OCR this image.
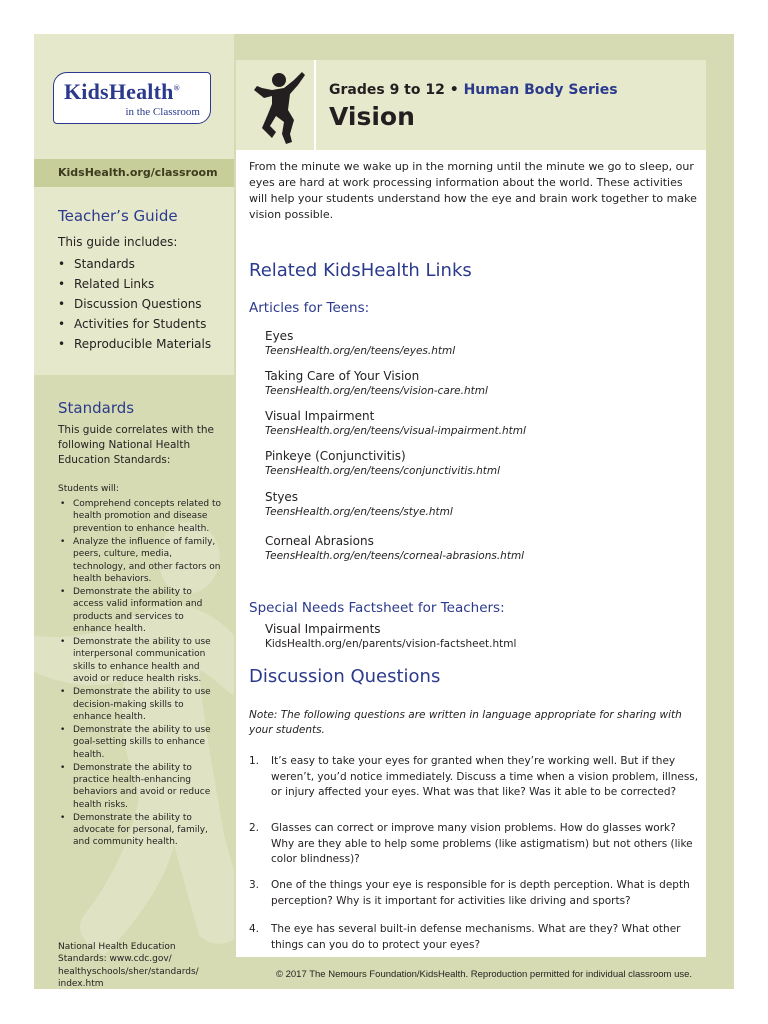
KidsHealth®
in the Classroom
KidsHealth.org/classroom
Teacher’s Guide
This guide includes:
• Standards
• Related Links
• Discussion Questions
• Activities for Students
• Reproducible Materials
Standards
This guide correlates with the following National Health Education Standards:
Students will:
• Comprehend concepts related to health promotion and disease prevention to enhance health.
• Analyze the influence of family, peers, culture, media, technology, and other factors on health behaviors.
• Demonstrate the ability to access valid information and products and services to enhance health.
• Demonstrate the ability to use interpersonal communication skills to enhance health and avoid or reduce health risks.
• Demonstrate the ability to use decision-making skills to enhance health.
• Demonstrate the ability to use goal-setting skills to enhance health.
• Demonstrate the ability to practice health-enhancing behaviors and avoid or reduce health risks.
• Demonstrate the ability to advocate for personal, family, and community health.
National Health Education Standards: www.cdc.gov/ healthyschools/sher/standards/ index.htm
Grades 9 to 12 • Human Body Series
Vision
From the minute we wake up in the morning until the minute we go to sleep, our eyes are hard at work processing information about the world. These activities will help your students understand how the eye and brain work together to make vision possible.
Related KidsHealth Links
Articles for Teens:
Eyes
TeensHealth.org/en/teens/eyes.html
Taking Care of Your Vision
TeensHealth.org/en/teens/vision-care.html
Visual Impairment
TeensHealth.org/en/teens/visual-impairment.html
Pinkeye (Conjunctivitis)
TeensHealth.org/en/teens/conjunctivitis.html
Styes
TeensHealth.org/en/teens/stye.html
Corneal Abrasions
TeensHealth.org/en/teens/corneal-abrasions.html
Special Needs Factsheet for Teachers:
Visual Impairments
KidsHealth.org/en/parents/vision-factsheet.html
Discussion Questions
Note: The following questions are written in language appropriate for sharing with your students.
1. It’s easy to take your eyes for granted when they’re working well. But if they weren’t, you’d notice immediately. Discuss a time when a vision problem, illness, or injury affected your eyes. What was that like? Was it able to be corrected?
2. Glasses can correct or improve many vision problems. How do glasses work? Why are they able to help some problems (like astigmatism) but not others (like color blindness)?
3. One of the things your eye is responsible for is depth perception. What is depth perception? Why is it important for activities like driving and sports?
4. The eye has several built-in defense mechanisms. What are they? What other things can you do to protect your eyes?
© 2017 The Nemours Foundation/KidsHealth. Reproduction permitted for individual classroom use.
